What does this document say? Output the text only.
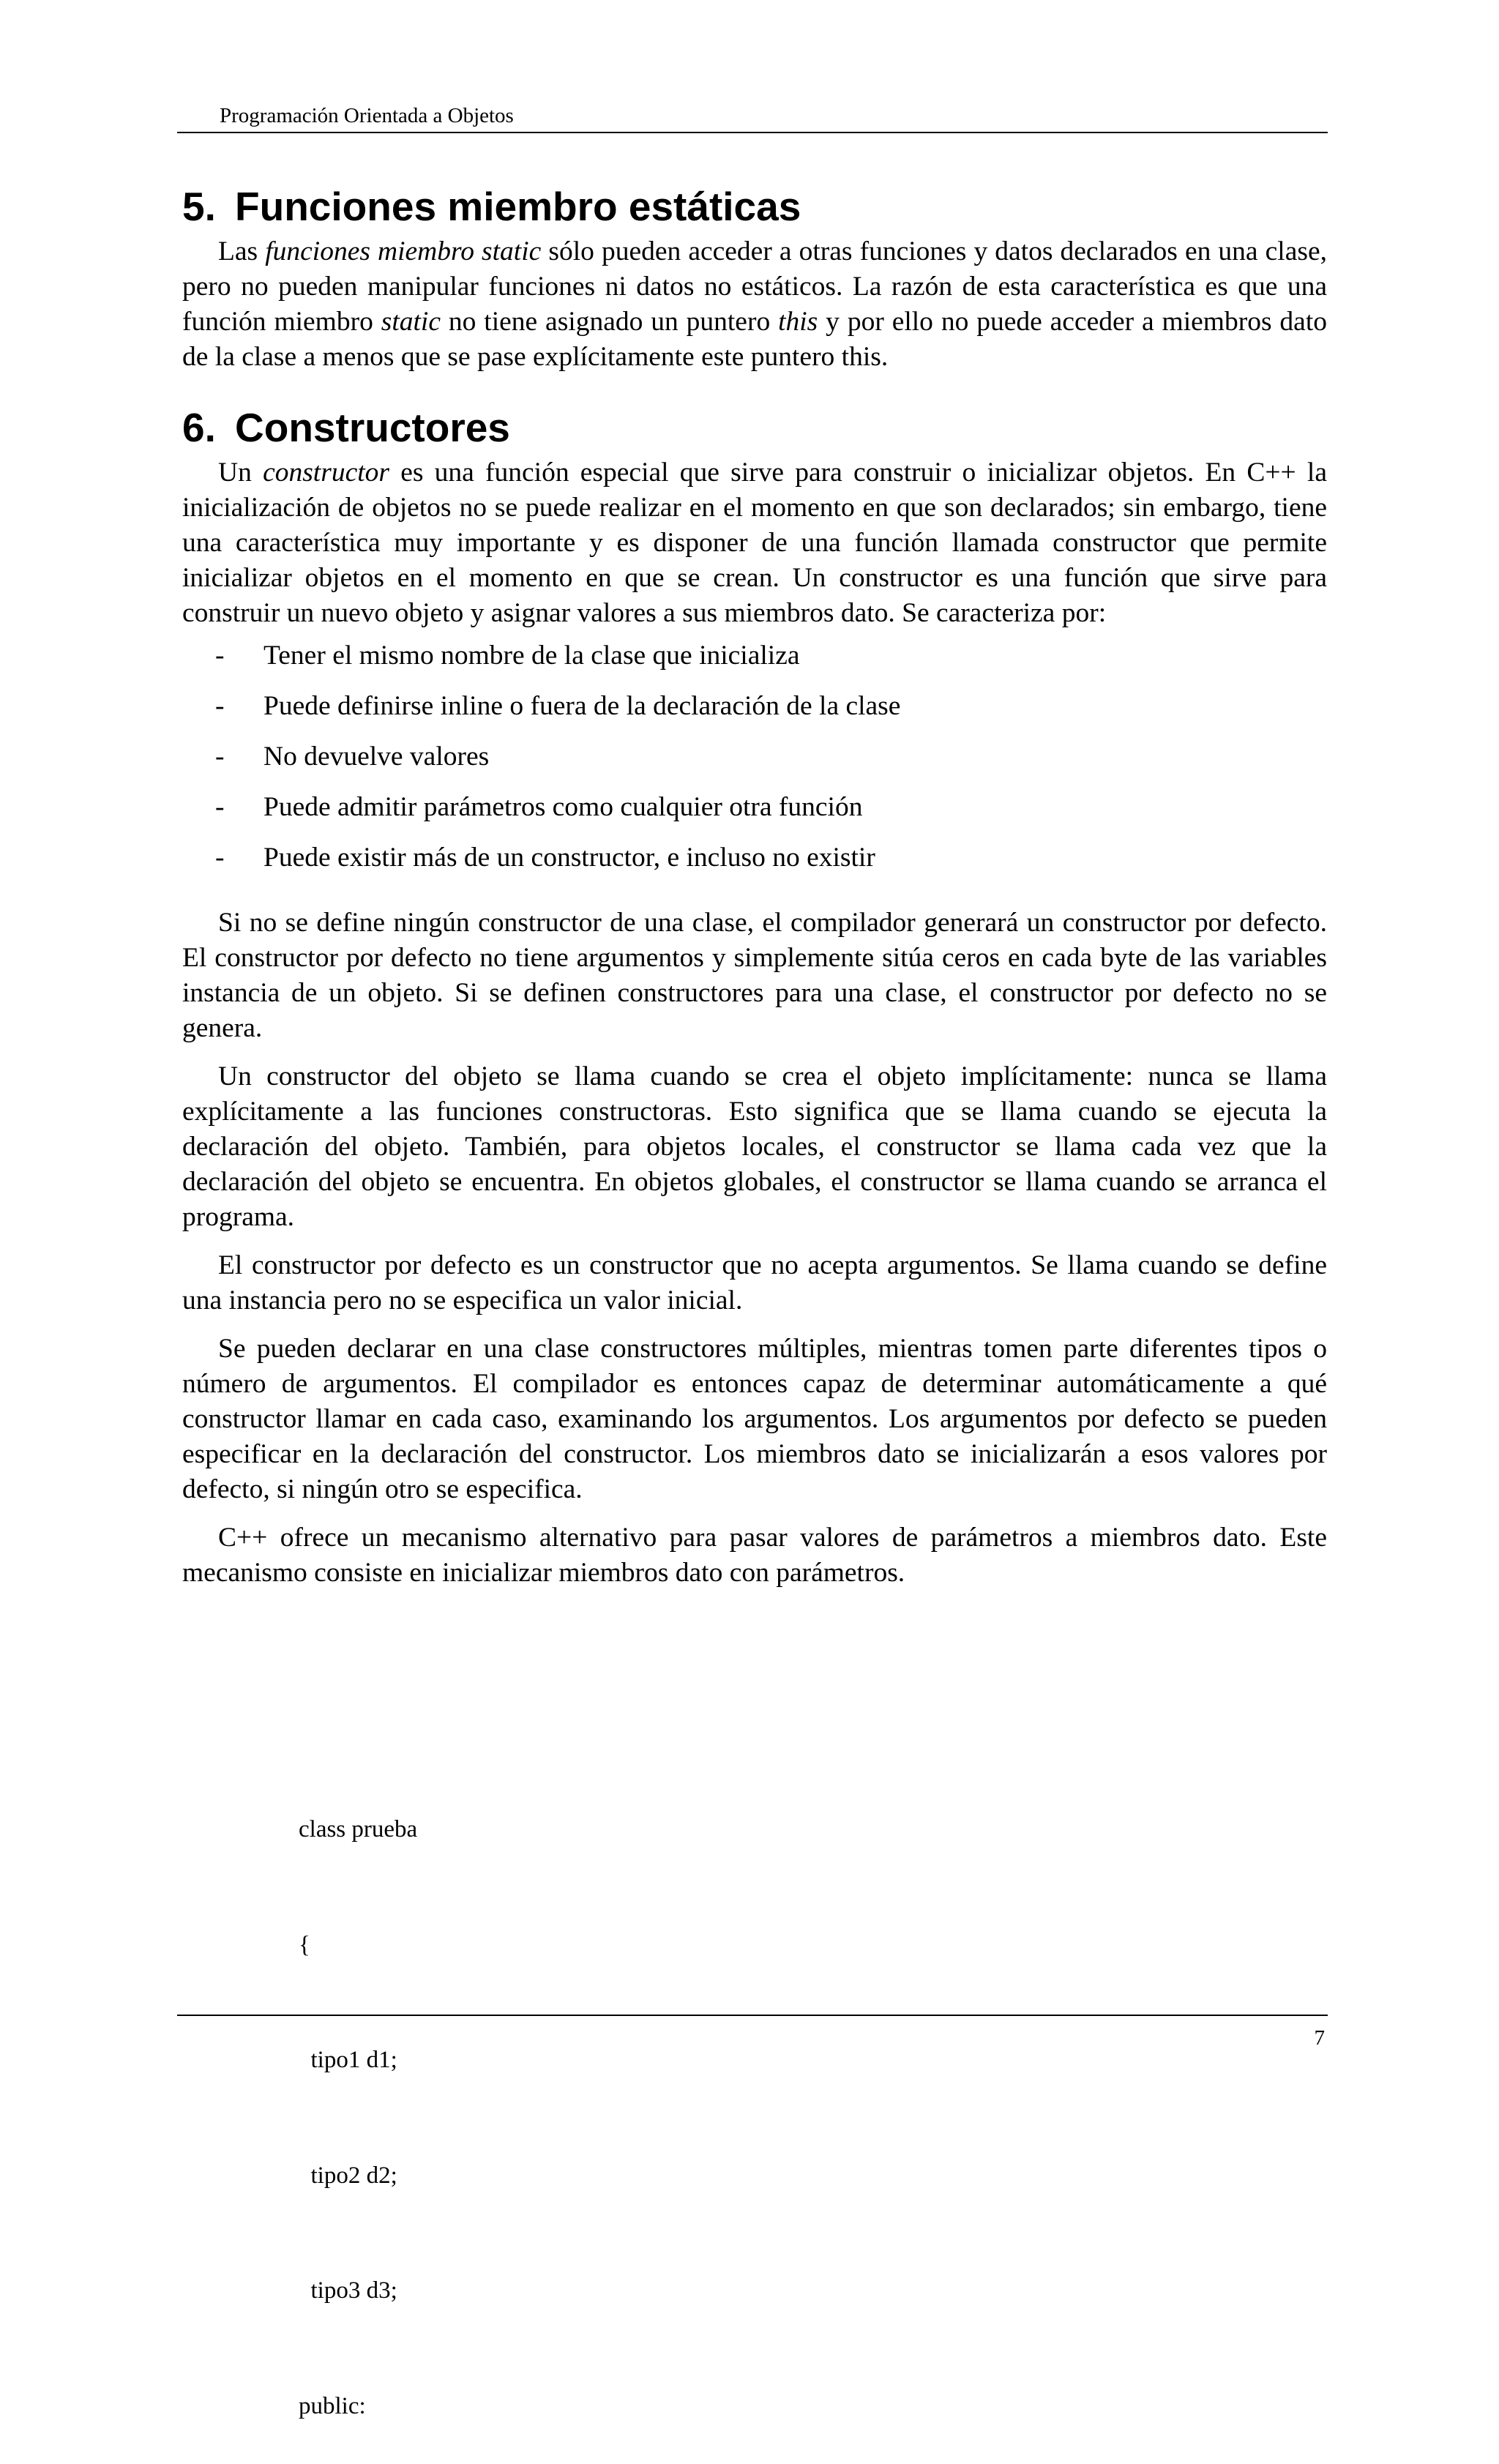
Programación Orientada a Objetos
5. Funciones miembro estáticas

Las funciones miembro static sólo pueden acceder a otras funciones y datos declarados en una clase, pero no pueden manipular funciones ni datos no estáticos. La razón de esta característica es que una función miembro static no tiene asignado un puntero this y por ello no puede acceder a miembros dato de la clase a menos que se pase explícitamente este puntero this.

6. Constructores

Un constructor es una función especial que sirve para construir o inicializar objetos. En C++ la inicialización de objetos no se puede realizar en el momento en que son declarados; sin embargo, tiene una característica muy importante y es disponer de una función llamada constructor que permite inicializar objetos en el momento en que se crean. Un constructor es una función que sirve para construir un nuevo objeto y asignar valores a sus miembros dato. Se caracteriza por:

-	Tener el mismo nombre de la clase que inicializa
-	Puede definirse inline o fuera de la declaración de la clase
-	No devuelve valores
-	Puede admitir parámetros como cualquier otra función
-	Puede existir más de un constructor, e incluso no existir

Si no se define ningún constructor de una clase, el compilador generará un constructor por defecto. El constructor por defecto no tiene argumentos y simplemente sitúa ceros en cada byte de las variables instancia de un objeto. Si se definen constructores para una clase, el constructor por defecto no se genera.

Un constructor del objeto se llama cuando se crea el objeto implícitamente: nunca se llama explícitamente a las funciones constructoras. Esto significa que se llama cuando se ejecuta la declaración del objeto. También, para objetos locales, el constructor se llama cada vez que la declaración del objeto se encuentra. En objetos globales, el constructor se llama cuando se arranca el programa.

El constructor por defecto es un constructor que no acepta argumentos. Se llama cuando se define una instancia pero no se especifica un valor inicial.

Se pueden declarar en una clase constructores múltiples, mientras tomen parte diferentes tipos o número de argumentos. El compilador es entonces capaz de determinar automáticamente a qué constructor llamar en cada caso, examinando los argumentos. Los argumentos por defecto se pueden especificar en la declaración del constructor. Los miembros dato se inicializarán a esos valores por defecto, si ningún otro se especifica.

C++ ofrece un mecanismo alternativo para pasar valores de parámetros a miembros dato. Este mecanismo consiste en inicializar miembros dato con parámetros.

class prueba

{

tipo1 d1;

tipo2 d2;

tipo3 d3;

public:

7
